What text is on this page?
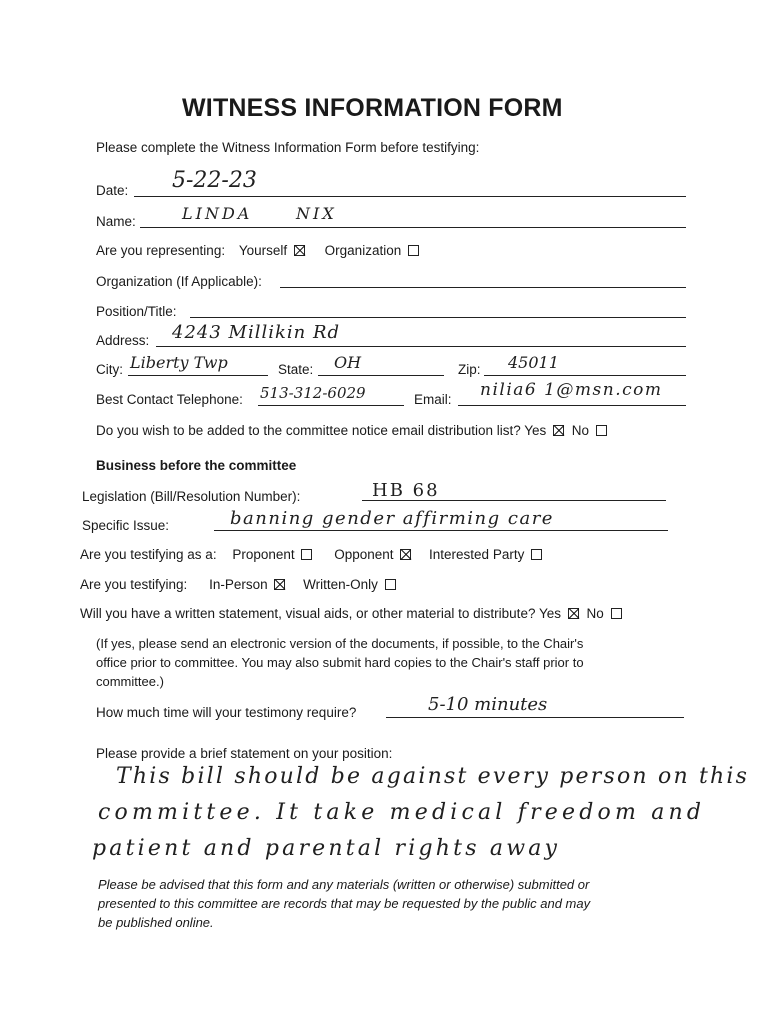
WITNESS INFORMATION FORM
Please complete the Witness Information Form before testifying:
Date: 5-22-23
Name:	LINDA	NIX
Are you representing: Yourself	Organization
Organization (If Applicable):
Position/Title:
Address: 4243 Millikin Rd
City: Liberty Twp	State: OH	Zip: 45011
Best Contact Telephone: 513-312-6029	Email: nilia6 1@msn.com
Do you wish to be added to the committee notice email distribution list? Yes No
Business before the committee
Legislation (Bill/Resolution Number):	HB 68
Specific Issue:	banning gender affirming care
Are you testifying as a: Proponent	Opponent	Interested Party
Are you testifying: In-Person	Written-Only
Will you have a written statement, visual aids, or other material to distribute? Yes No
(If yes, please send an electronic version of the documents, if possible, to the Chair's
office prior to committee. You may also submit hard copies to the Chair's staff prior to
committee.)
How much time will your testimony require?	5-10 minutes
Please provide a brief statement on your position:
This bill should be against every person on this
committee. It take medical freedom and
patient and parental rights away
Please be advised that this form and any materials (written or otherwise) submitted or
presented to this committee are records that may be requested by the public and may
be published online.
